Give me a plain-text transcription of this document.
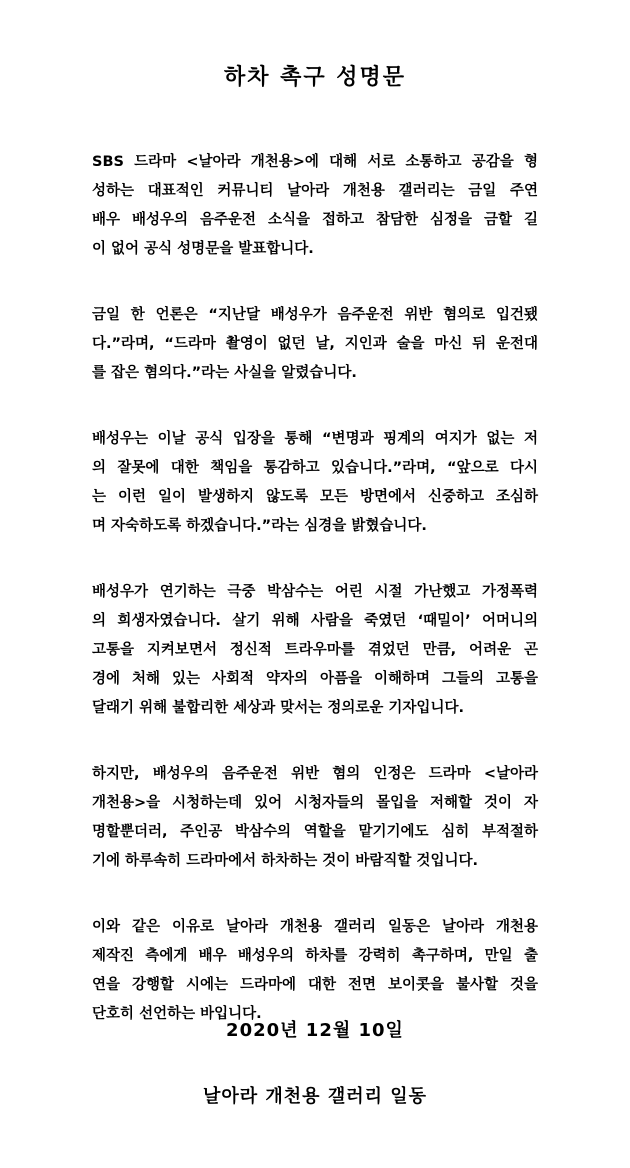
하차 촉구 성명문

SBS 드라마 <날아라 개천용>에 대해 서로 소통하고 공감을 형
성하는 대표적인 커뮤니티 날아라 개천용 갤러리는 금일 주연
배우 배성우의 음주운전 소식을 접하고 참담한 심정을 금할 길
이 없어 공식 성명문을 발표합니다.

금일 한 언론은 “지난달 배성우가 음주운전 위반 혐의로 입건됐
다.”라며, “드라마 촬영이 없던 날, 지인과 술을 마신 뒤 운전대
를 잡은 혐의다.”라는 사실을 알렸습니다.

배성우는 이날 공식 입장을 통해 “변명과 핑계의 여지가 없는 저
의 잘못에 대한 책임을 통감하고 있습니다.”라며, “앞으로 다시
는 이런 일이 발생하지 않도록 모든 방면에서 신중하고 조심하
며 자숙하도록 하겠습니다.”라는 심경을 밝혔습니다.

배성우가 연기하는 극중 박삼수는 어린 시절 가난했고 가정폭력
의 희생자였습니다. 살기 위해 사람을 죽였던 ‘때밀이’ 어머니의
고통을 지켜보면서 정신적 트라우마를 겪었던 만큼, 어려운 곤
경에 처해 있는 사회적 약자의 아픔을 이해하며 그들의 고통을
달래기 위해 불합리한 세상과 맞서는 정의로운 기자입니다.

하지만, 배성우의 음주운전 위반 혐의 인정은 드라마 <날아라
개천용>을 시청하는데 있어 시청자들의 몰입을 저해할 것이 자
명할뿐더러, 주인공 박삼수의 역할을 맡기기에도 심히 부적절하
기에 하루속히 드라마에서 하차하는 것이 바람직할 것입니다.

이와 같은 이유로 날아라 개천용 갤러리 일동은 날아라 개천용
제작진 측에게 배우 배성우의 하차를 강력히 촉구하며, 만일 출
연을 강행할 시에는 드라마에 대한 전면 보이콧을 불사할 것을
단호히 선언하는 바입니다.

2020년 12월 10일
날아라 개천용 갤러리 일동
